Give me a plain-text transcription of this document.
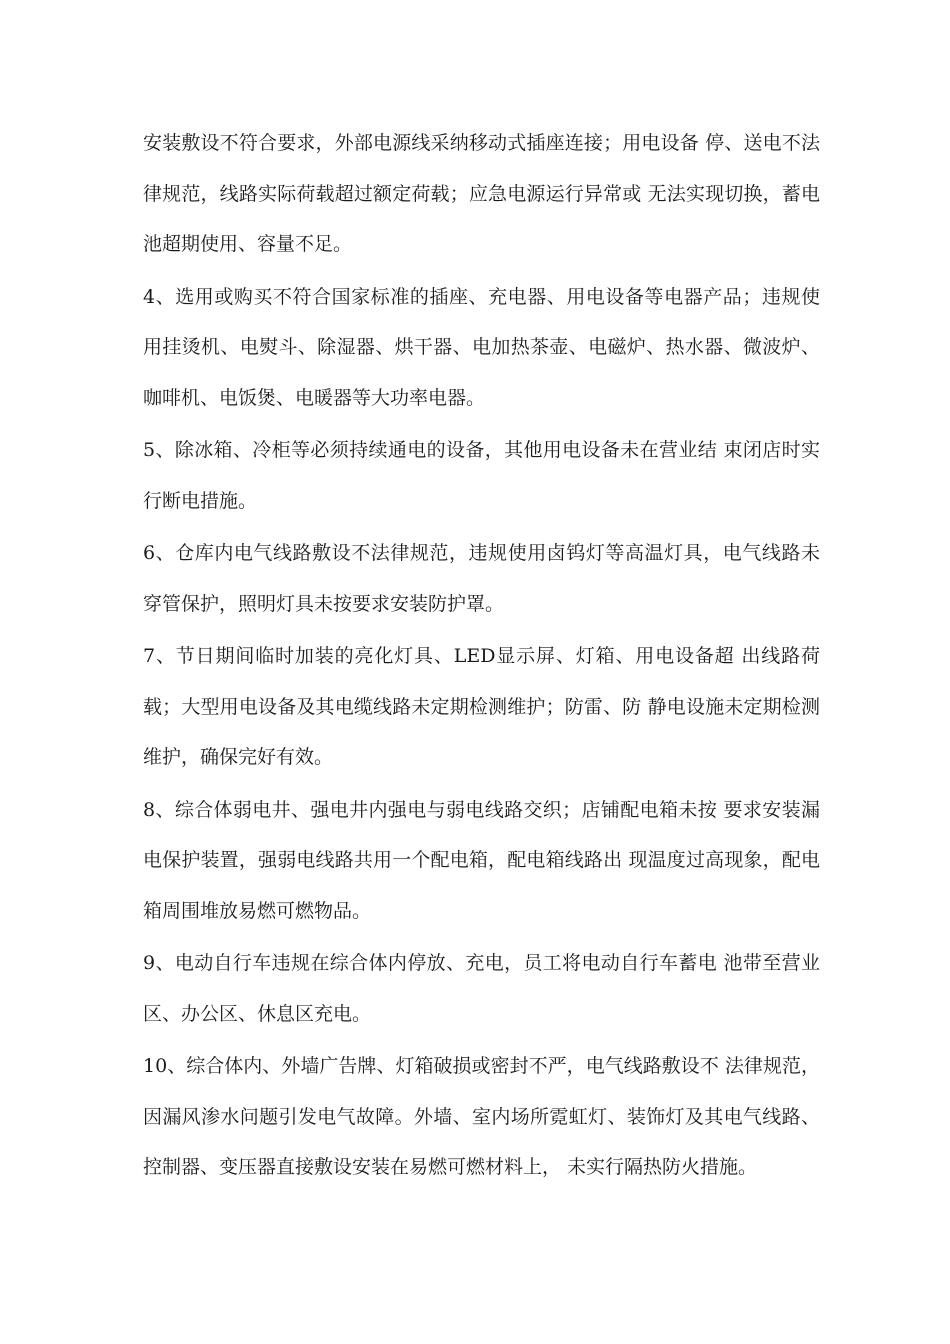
安装敷设不符合要求，外部电源线采纳移动式插座连接；用电设备 停、送电不法律规范，线路实际荷载超过额定荷载；应急电源运行异常或 无法实现切换，蓄电池超期使用、容量不足。

4、选用或购买不符合国家标准的插座、充电器、用电设备等电器产品；违规使用挂烫机、电熨斗、除湿器、烘干器、电加热茶壶、电磁炉、热水器、微波炉、咖啡机、电饭煲、电暖器等大功率电器。

5、除冰箱、冷柜等必须持续通电的设备，其他用电设备未在营业结 束闭店时实行断电措施。

6、仓库内电气线路敷设不法律规范，违规使用卤钨灯等高温灯具，电气线路未穿管保护，照明灯具未按要求安装防护罩。

7、节日期间临时加装的亮化灯具、LED显示屏、灯箱、用电设备超 出线路荷载；大型用电设备及其电缆线路未定期检测维护；防雷、防 静电设施未定期检测维护，确保完好有效。

8、综合体弱电井、强电井内强电与弱电线路交织；店铺配电箱未按 要求安装漏电保护装置，强弱电线路共用一个配电箱，配电箱线路出 现温度过高现象，配电箱周围堆放易燃可燃物品。

9、电动自行车违规在综合体内停放、充电，员工将电动自行车蓄电 池带至营业区、办公区、休息区充电。

10、综合体内、外墙广告牌、灯箱破损或密封不严，电气线路敷设不 法律规范，因漏风渗水问题引发电气故障。外墙、室内场所霓虹灯、装饰灯及其电气线路、控制器、变压器直接敷设安装在易燃可燃材料上， 未实行隔热防火措施。
